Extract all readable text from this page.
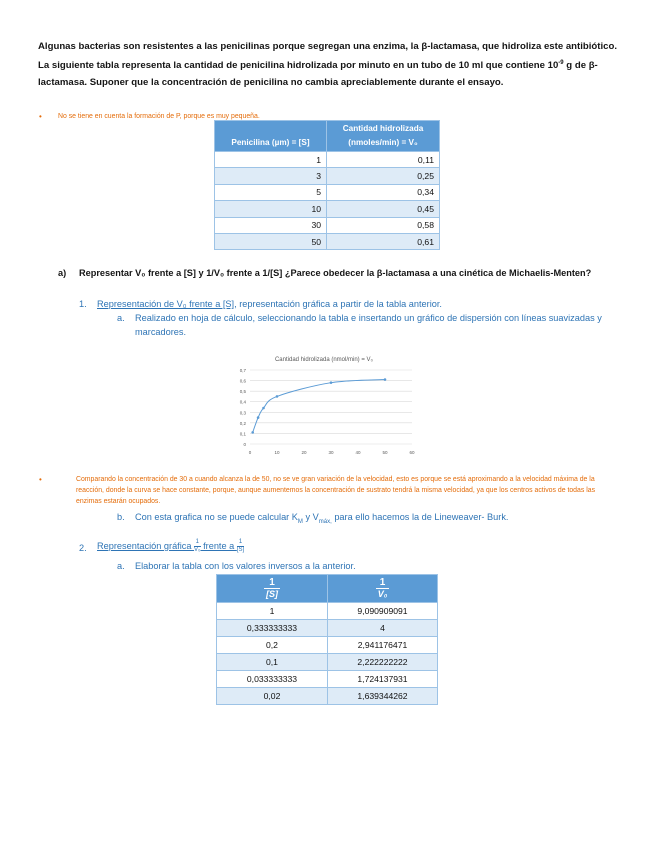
Algunas bacterias son resistentes a las penicilinas porque segregan una enzima, la β-lactamasa, que hidroliza este antibiótico. La siguiente tabla representa la cantidad de penicilina hidrolizada por minuto en un tubo de 10 ml que contiene $10^{-9}$ g de β-lactamasa. Suponer que la concentración de penicilina no cambia apreciablemente durante el ensayo.
• No se tiene en cuenta la formación de P, porque es muy pequeña.
Penicilina (µm) = [S]	Cantidad hidrolizada (nmoles/min) = V₀
1	0,11
3	0,25
5	0,34
10	0,45
30	0,58
50	0,61
a) Representar V₀ frente a [S] y 1/V₀ frente a 1/[S] ¿Parece obedecer la β-lactamasa a una cinética de Michaelis-Menten?
1. Representación de V₀ frente a [S], representación gráfica a partir de la tabla anterior.
a. Realizado en hoja de cálculo, seleccionando la tabla e insertando un gráfico de dispersión con líneas suavizadas y marcadores.
Cantidad hidrolizada (nmol/min) = V₀
0
0,1
0,2
0,3
0,4
0,5
0,6
0,7
0	10	20	30	40	50	60
•	Comparando la concentración de 30 a cuando alcanza la de 50, no se ve gran variación de la velocidad, esto es porque se está aproximando a la velocidad máxima de la reacción, donde la curva se hace constante, porque, aunque aumentemos la concentración de sustrato tendrá la misma velocidad, ya que los centros activos de todas las enzimas estarán ocupados.
b. Con esta grafica no se puede calcular $K_M$ y $V_{máx,}$ para ello hacemos la de Lineweaver- Burk.
2. Representación gráfica $\frac{1}{\text{V₀}}$ frente a $\frac{1}{[S]}$
a. Elaborar la tabla con los valores inversos a la anterior.
$\frac{1}{[S]}$	$\frac{1}{\text{V₀}}$

1	9,090909091
0,333333333	4
0,2	2,941176471
0,1	2,222222222
0,033333333	1,724137931
0,02	1,639344262
